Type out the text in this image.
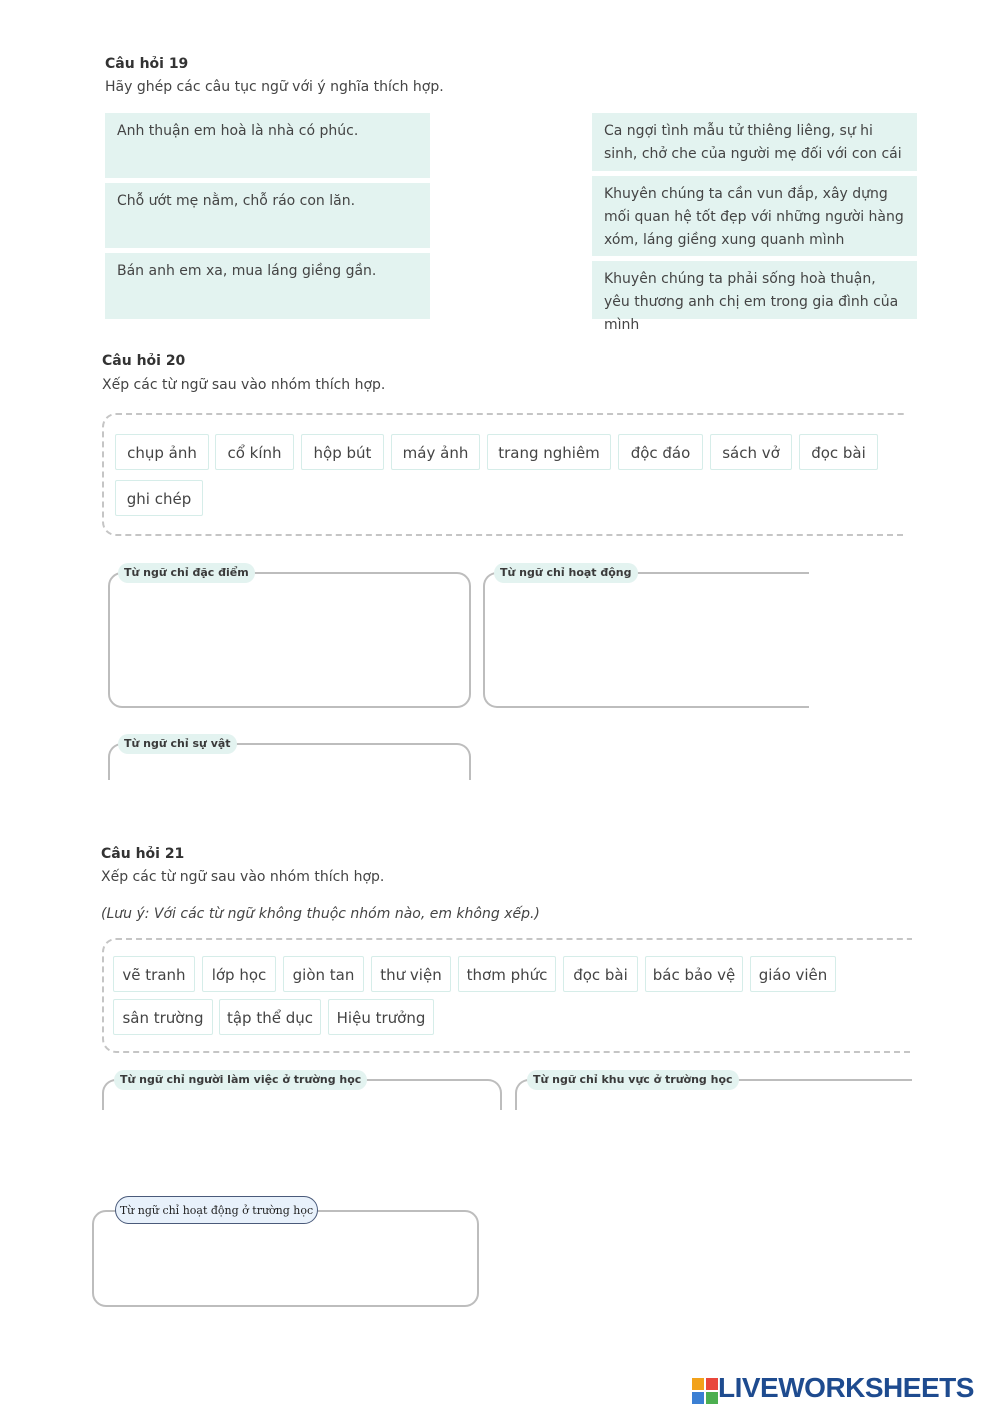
Câu hỏi 19
Hãy ghép các câu tục ngữ với ý nghĩa thích hợp.
Anh thuận em hoà là nhà có phúc.
Chỗ ướt mẹ nằm, chỗ ráo con lăn.
Bán anh em xa, mua láng giềng gần.
Ca ngợi tình mẫu tử thiêng liêng, sự hi sinh, chở che của người mẹ đối với con cái
Khuyên chúng ta cần vun đắp, xây dựng mối quan hệ tốt đẹp với những người hàng xóm, láng giềng xung quanh mình
Khuyên chúng ta phải sống hoà thuận, yêu thương anh chị em trong gia đình của mình
Câu hỏi 20
Xếp các từ ngữ sau vào nhóm thích hợp.
chụp ảnh	cổ kính	hộp bút	máy ảnh	trang nghiêm	độc đáo	sách vở	đọc bài
ghi chép
Từ ngữ chỉ đặc điểm	Từ ngữ chỉ hoạt động
Từ ngữ chỉ sự vật
Câu hỏi 21
Xếp các từ ngữ sau vào nhóm thích hợp.
(Lưu ý: Với các từ ngữ không thuộc nhóm nào, em không xếp.)
vẽ tranh	lớp học	giòn tan	thư viện	thơm phức	đọc bài	bác bảo vệ	giáo viên
sân trường	tập thể dục	Hiệu trưởng
Từ ngữ chỉ người làm việc ở trường học	Từ ngữ chỉ khu vực ở trường học
Từ ngữ chỉ hoạt động ở trường học
LIVEWORKSHEETS
